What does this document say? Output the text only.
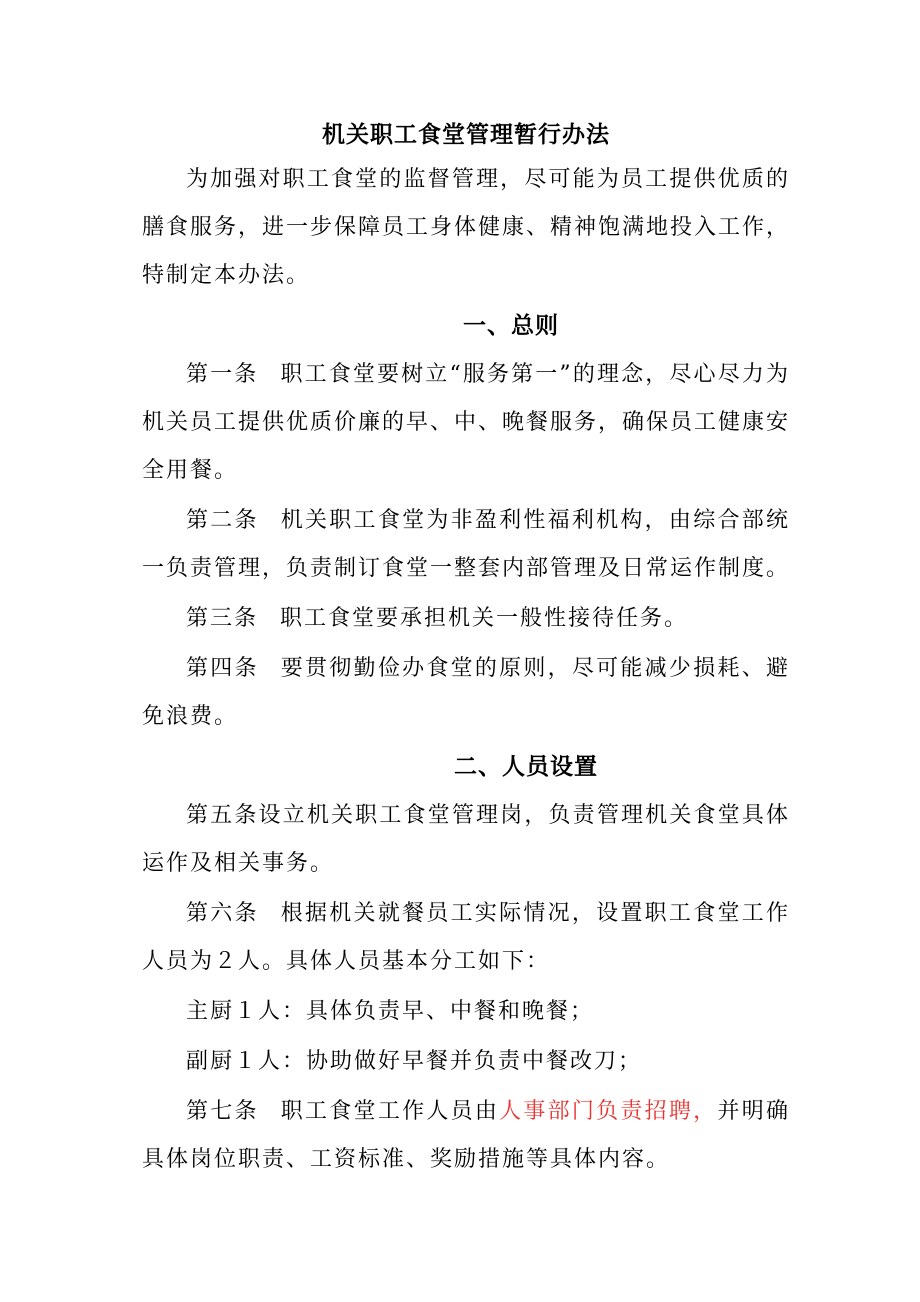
机关职工食堂管理暂行办法

为加强对职工食堂的监督管理，尽可能为员工提供优质的膳食服务，进一步保障员工身体健康、精神饱满地投入工作，特制定本办法。

一、总则

第一条 职工食堂要树立“服务第一”的理念，尽心尽力为机关员工提供优质价廉的早、中、晚餐服务，确保员工健康安全用餐。

第二条 机关职工食堂为非盈利性福利机构，由综合部统一负责管理，负责制订食堂一整套内部管理及日常运作制度。

第三条 职工食堂要承担机关一般性接待任务。

第四条 要贯彻勤俭办食堂的原则，尽可能减少损耗、避免浪费。

二、人员设置

第五条设立机关职工食堂管理岗，负责管理机关食堂具体运作及相关事务。

第六条 根据机关就餐员工实际情况，设置职工食堂工作人员为２人。具体人员基本分工如下：

主厨１人：具体负责早、中餐和晚餐；

副厨１人：协助做好早餐并负责中餐改刀；

第七条 职工食堂工作人员由人事部门负责招聘，并明确具体岗位职责、工资标准、奖励措施等具体内容。
